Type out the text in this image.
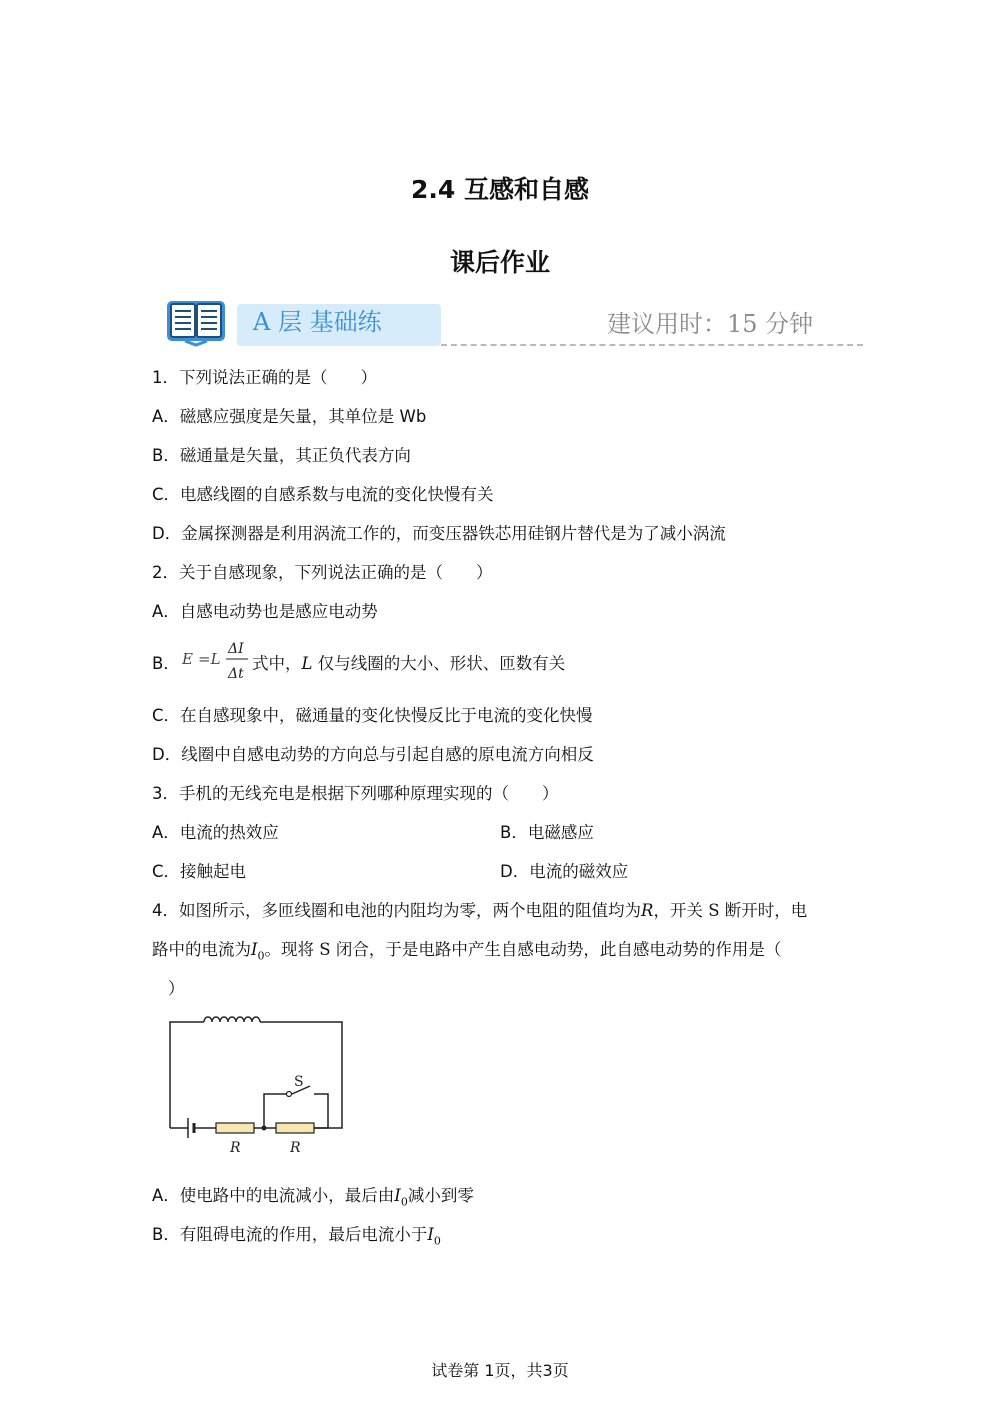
2.4 互感和自感
课后作业
A 层 基础练	建议用时：15 分钟
1．下列说法正确的是（　　）
A．磁感应强度是矢量，其单位是 Wb
B．磁通量是矢量，其正负代表方向
C．电感线圈的自感系数与电流的变化快慢有关
D．金属探测器是利用涡流工作的，而变压器铁芯用硅钢片替代是为了减小涡流
2．关于自感现象，下列说法正确的是（　　）
A．自感电动势也是感应电动势
B． E =L
ΔI
Δt
式中，L 仅与线圈的大小、形状、匝数有关
C．在自感现象中，磁通量的变化快慢反比于电流的变化快慢
D．线圈中自感电动势的方向总与引起自感的原电流方向相反
3．手机的无线充电是根据下列哪种原理实现的（　　）
A．电流的热效应	B．电磁感应
C．接触起电	D．电流的磁效应
4．如图所示，多匝线圈和电池的内阻均为零，两个电阻的阻值均为R，开关 S 断开时，电
路中的电流为$I_0$。现将 S 闭合，于是电路中产生自感电动势，此自感电动势的作用是（
）
S
R	R
A．使电路中的电流减小，最后由$I_0$减小到零
B．有阻碍电流的作用，最后电流小于$I_0$
试卷第 1页，共3页
